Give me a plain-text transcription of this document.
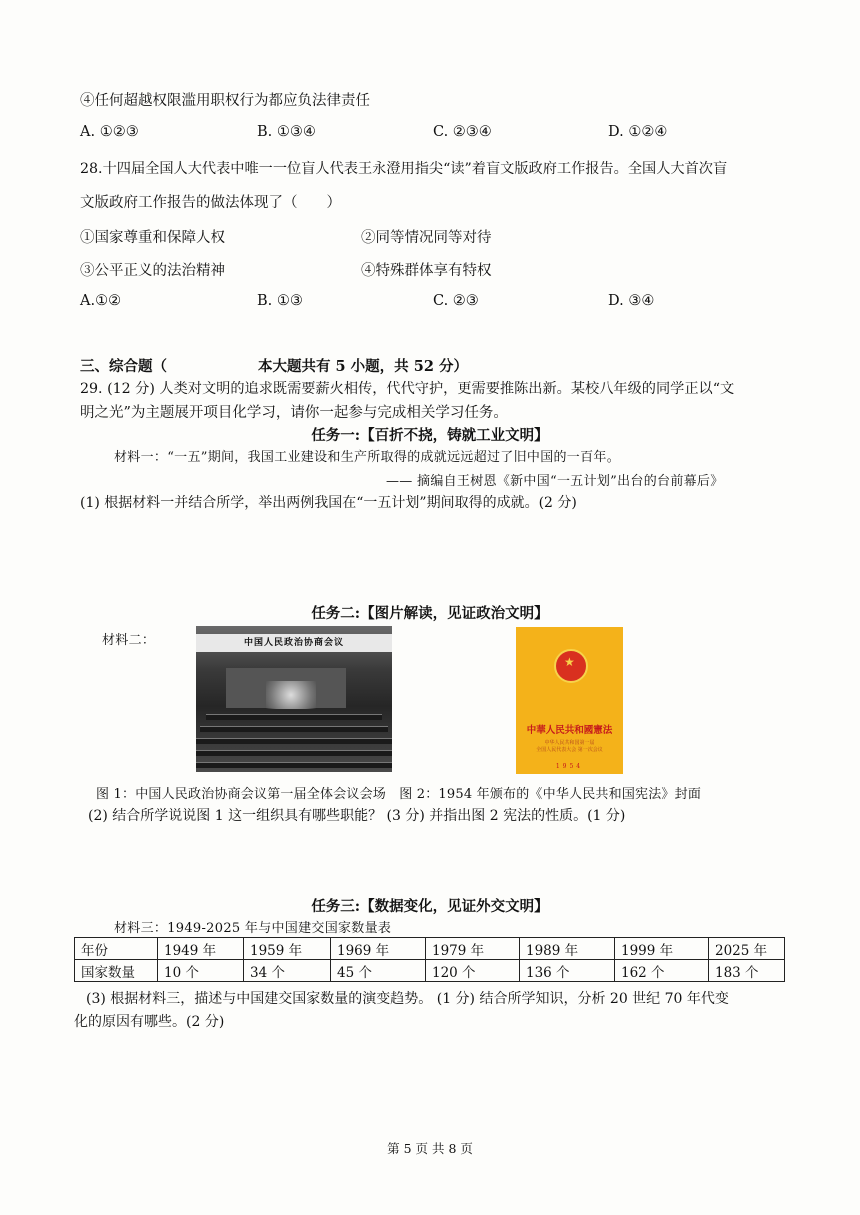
④任何超越权限滥用职权行为都应负法律责任
A. ①②③	B. ①③④	C. ②③④	D. ①②④
28.十四届全国人大代表中唯一一位盲人代表王永澄用指尖“读”着盲文版政府工作报告。全国人大首次盲
文版政府工作报告的做法体现了（　　）
①国家尊重和保障人权	②同等情况同等对待
③公平正义的法治精神	④特殊群体享有特权
A.①②	B. ①③	C. ②③	D. ③④
三、综合题（	本大题共有 5 小题，共 52 分）
29. (12 分) 人类对文明的追求既需要薪火相传，代代守护，更需要推陈出新。某校八年级的同学正以“文
明之光”为主题展开项目化学习，请你一起参与完成相关学习任务。
任务一:【百折不挠，铸就工业文明】
材料一：“一五”期间，我国工业建设和生产所取得的成就远远超过了旧中国的一百年。
—— 摘编自王树恩《新中国“一五计划”出台的台前幕后》
(1) 根据材料一并结合所学，举出两例我国在“一五计划”期间取得的成就。(2 分)
任务二:【图片解读，见证政治文明】
材料二：	中国人民政治协商会议
★
中華人民共和國憲法
中华人民共和国第一届
全国人民代表大会 第一次会议
1954
图 1：中国人民政治协商会议第一届全体会议会场　图 2：1954 年颁布的《中华人民共和国宪法》封面
(2) 结合所学说说图 1 这一组织具有哪些职能？ (3 分) 并指出图 2 宪法的性质。(1 分)
任务三:【数据变化，见证外交文明】
材料三：1949-2025 年与中国建交国家数量表
年份	1949 年	1959 年	1969 年	1979 年	1989 年	1999 年	2025 年
国家数量	10 个	34 个	45 个	120 个	136 个	162 个	183 个
(3) 根据材料三，描述与中国建交国家数量的演变趋势。 (1 分) 结合所学知识，分析 20 世纪 70 年代变
化的原因有哪些。(2 分)
第 5 页 共 8 页
